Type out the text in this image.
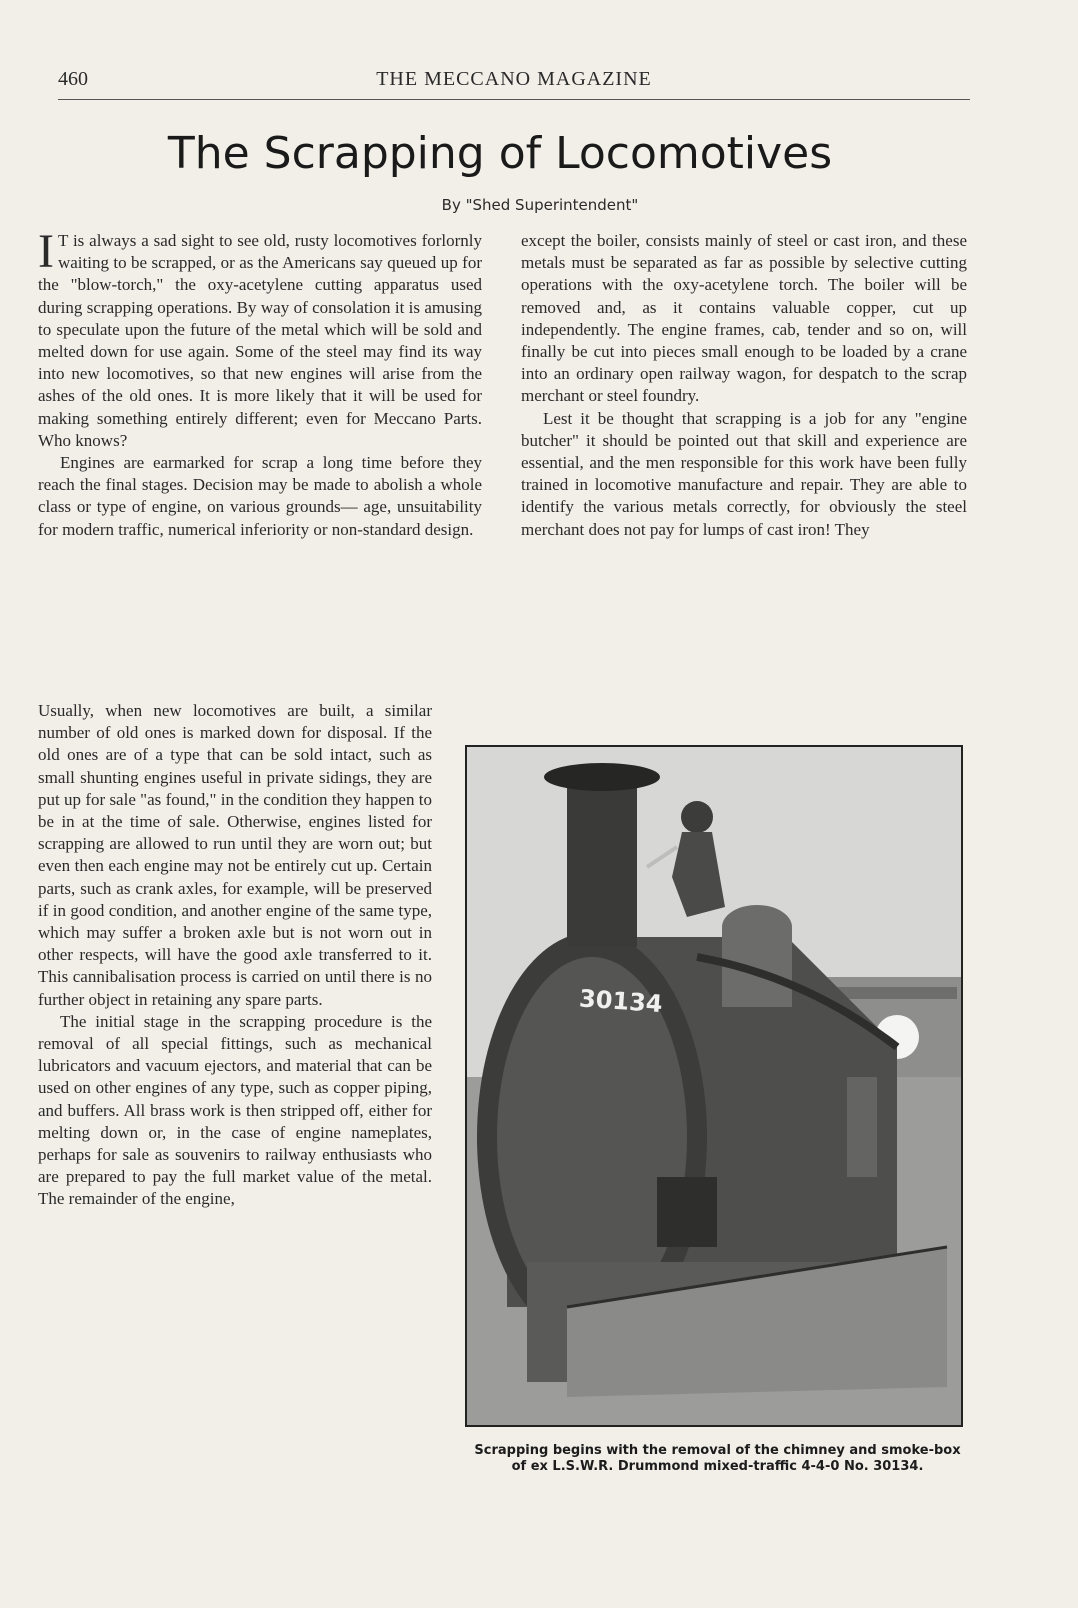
460	THE MECCANO MAGAZINE
The Scrapping of Locomotives
By "Shed Superintendent"

I T is always a sad sight to see old, rusty locomotives forlornly waiting to be scrapped, or as the Americans say queued up for the "blow-torch," the oxy-acetylene cutting apparatus used during scrapping operations. By way of consolation it is amusing to speculate upon the future of the metal which will be sold and melted down for use again. Some of the steel may find its way into new locomotives, so that new engines will arise from the ashes of the old ones. It is more likely that it will be used for making something entirely different; even for Meccano Parts. Who knows?

Engines are earmarked for scrap a long time before they reach the final stages. Decision may be made to abolish a whole class or type of engine, on various grounds— age, unsuitability for modern traffic, numerical inferiority or non-standard design.

Usually, when new locomotives are built, a similar number of old ones is marked down for disposal. If the old ones are of a type that can be sold intact, such as small shunting engines useful in private sidings, they are put up for sale "as found," in the condition they happen to be in at the time of sale. Otherwise, engines listed for scrapping are allowed to run until they are worn out; but even then each engine may not be entirely cut up. Certain parts, such as crank axles, for example, will be preserved if in good condition, and another engine of the same type, which may suffer a broken axle but is not worn out in other respects, will have the good axle transferred to it. This cannibalisation process is carried on until there is no further object in retaining any spare parts.

The initial stage in the scrapping procedure is the removal of all special fittings, such as mechanical lubricators and vacuum ejectors, and material that can be used on other engines of any type, such as copper piping, and buffers. All brass work is then stripped off, either for melting down or, in the case of engine nameplates, perhaps for sale as souvenirs to railway enthusiasts who are prepared to pay the full market value of the metal. The remainder of the engine,

except the boiler, consists mainly of steel or cast iron, and these metals must be separated as far as possible by selective cutting operations with the oxy-acetylene torch. The boiler will be removed and, as it contains valuable copper, cut up independently. The engine frames, cab, tender and so on, will finally be cut into pieces small enough to be loaded by a crane into an ordinary open railway wagon, for despatch to the scrap merchant or steel foundry.

Lest it be thought that scrapping is a job for any "engine butcher" it should be pointed out that skill and experience are essential, and the men responsible for this work have been fully trained in locomotive manufacture and repair. They are able to identify the various metals correctly, for obviously the steel merchant does not pay for lumps of cast iron! They

30134
Scrapping begins with the removal of the chimney and smoke-box of ex L.S.W.R. Drummond mixed-traffic 4-4-0 No. 30134.
